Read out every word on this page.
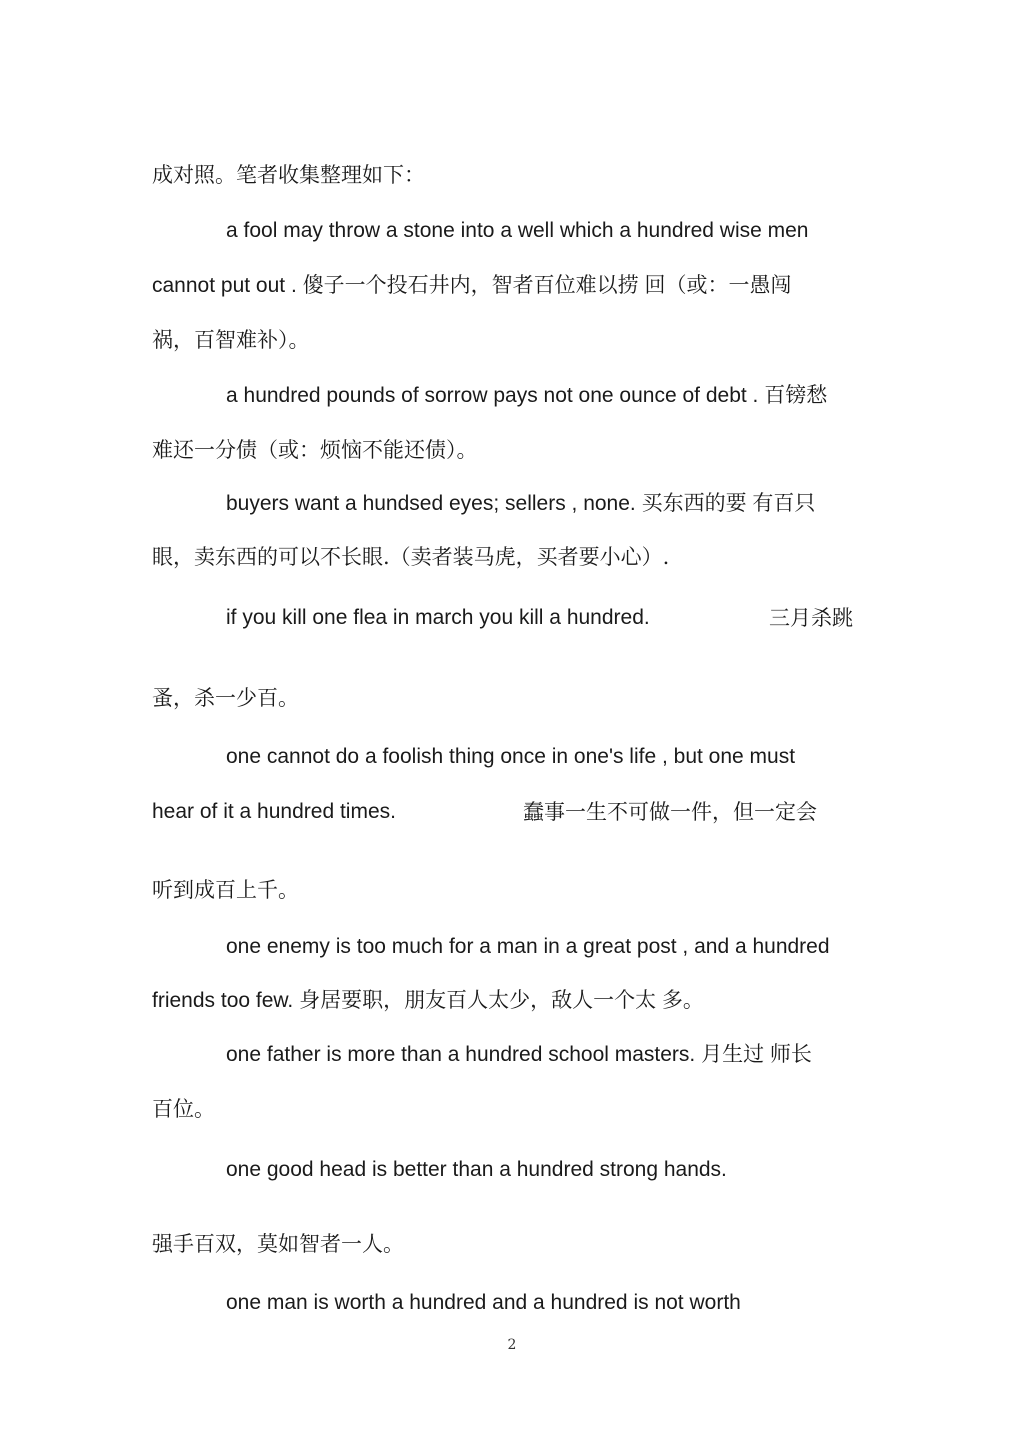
成对照。笔者收集整理如下：
a fool may throw a stone into a well which a hundred wise men
cannot put out . 傻子一个投石井内，智者百位难以捞 回（或：一愚闯
祸，百智难补）。
a hundred pounds of sorrow pays not one ounce of debt . 百镑愁
难还一分债（或：烦恼不能还债）。
buyers want a hundsed eyes; sellers , none. 买东西的要 有百只
眼，卖东西的可以不长眼.（卖者装马虎，买者要小心）.
if you kill one flea in march you kill a hundred.	三月杀跳
蚤，杀一少百。
one cannot do a foolish thing once in one's life , but one must
hear of it a hundred times.	蠢事一生不可做一件，但一定会
听到成百上千。
one enemy is too much for a man in a great post , and a hundred
friends too few. 身居要职，朋友百人太少，敌人一个太 多。
one father is more than a hundred school masters. 月生过 师长
百位。
one good head is better than a hundred strong hands.
强手百双，莫如智者一人。
one man is worth a hundred and a hundred is not worth
2
